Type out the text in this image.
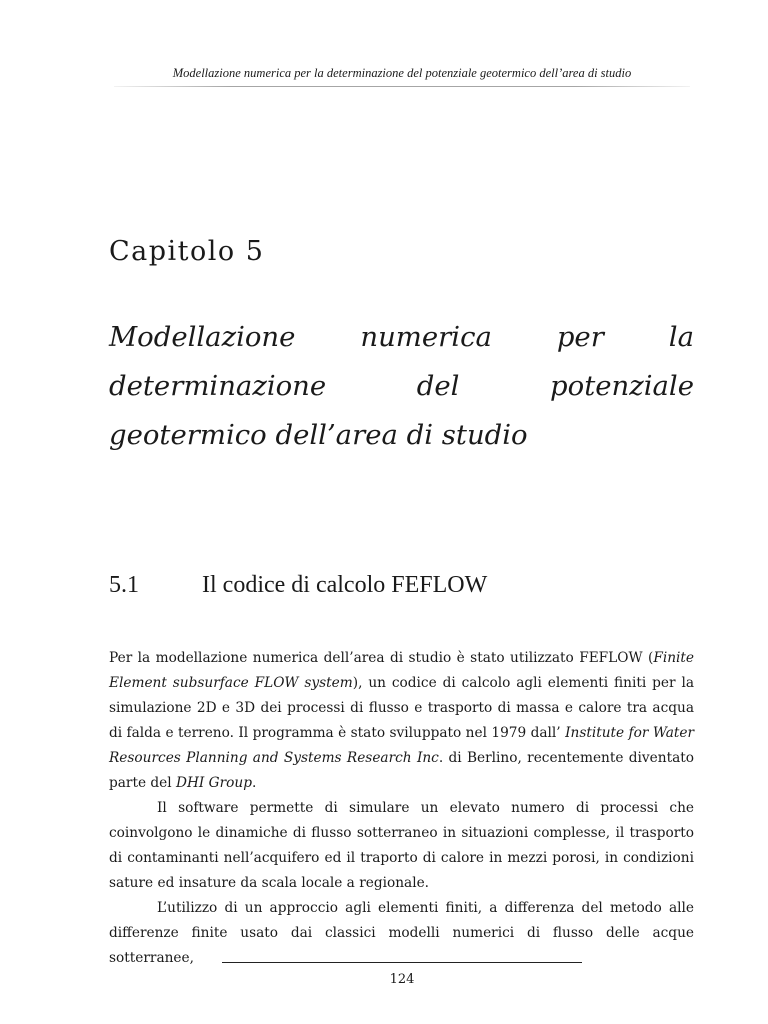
Modellazione numerica per la determinazione del potenziale geotermico dell’area di studio
Capitolo 5
Modellazione numerica per la determinazione del potenziale geotermico dell’area di studio
5.1	Il codice di calcolo FEFLOW

Per la modellazione numerica dell’area di studio è stato utilizzato FEFLOW (Finite Element subsurface FLOW system), un codice di calcolo agli elementi finiti per la simulazione 2D e 3D dei processi di flusso e trasporto di massa e calore tra acqua di falda e terreno. Il programma è stato sviluppato nel 1979 dall’ Institute for Water Resources Planning and Systems Research Inc. di Berlino, recentemente diventato parte del DHI Group.

Il software permette di simulare un elevato numero di processi che coinvolgono le dinamiche di flusso sotterraneo in situazioni complesse, il trasporto di contaminanti nell’acquifero ed il traporto di calore in mezzi porosi, in condizioni sature ed insature da scala locale a regionale.

L’utilizzo di un approccio agli elementi finiti, a differenza del metodo alle differenze finite usato dai classici modelli numerici di flusso delle acque sotterranee,

124
